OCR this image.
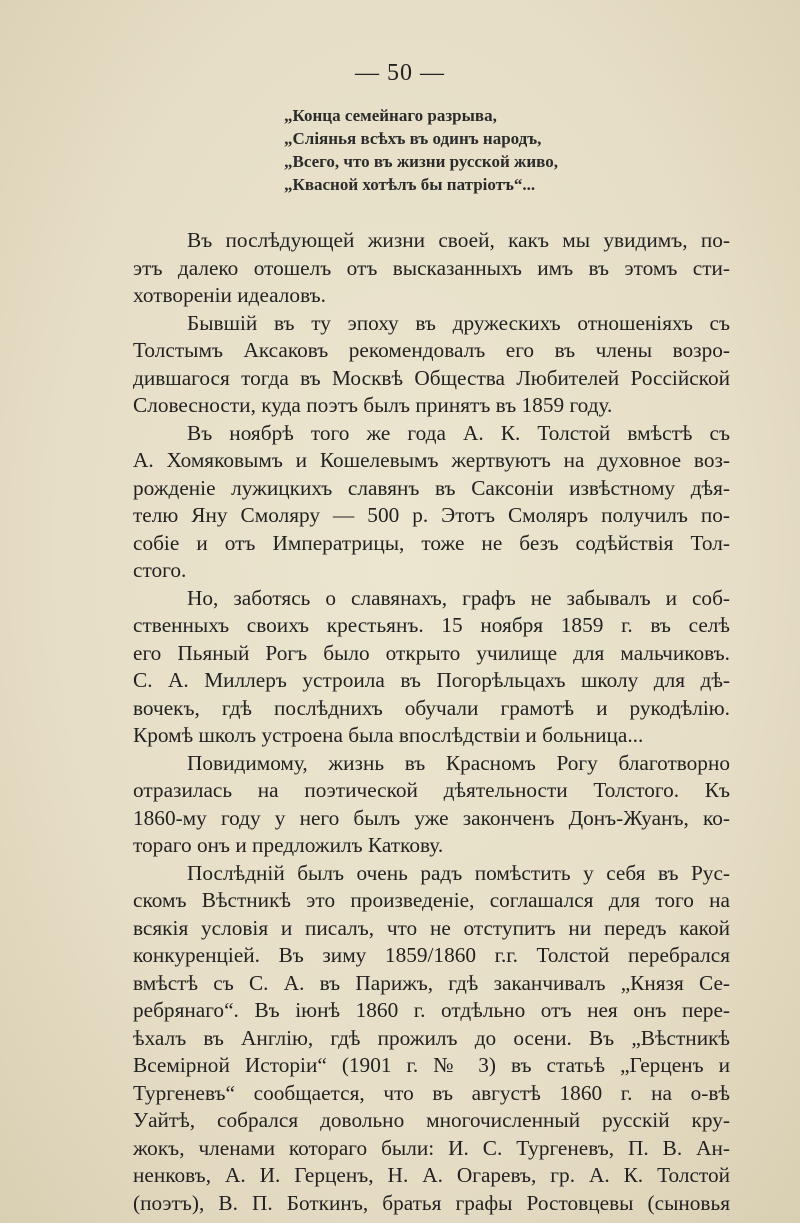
— 50 —
„Конца семейнаго разрыва,
„Слiянья всѣхъ въ одинъ народъ,
„Всего, что въ жизни русской живо,
„Квасной хотѣлъ бы патрiотъ“...
Въ послѣдующей жизни своей, какъ мы увидимъ, по-
этъ далеко отошелъ отъ высказанныхъ имъ въ этомъ сти-
хотворенiи идеаловъ.
Бывшiй въ ту эпоху въ дружескихъ отношенiяхъ съ
Толстымъ Аксаковъ рекомендовалъ его въ члены возро-
дившагося тогда въ Москвѣ Общества Любителей Россiйской
Словесности, куда поэтъ былъ принятъ въ 1859 году.
Въ ноябрѣ того же года А. К. Толстой вмѣстѣ съ
А. Хомяковымъ и Кошелевымъ жертвуютъ на духовное воз-
рожденiе лужицкихъ славянъ въ Саксонiи извѣстному дѣя-
телю Яну Смоляру — 500 р. Этотъ Смоляръ получилъ по-
собiе и отъ Императрицы, тоже не безъ содѣйствiя Тол-
стого.
Но, заботясь о славянахъ, графъ не забывалъ и соб-
ственныхъ своихъ крестьянъ. 15 ноября 1859 г. въ селѣ
его Пьяный Рогъ было открыто училище для мальчиковъ.
С. А. Миллеръ устроила въ Погорѣльцахъ школу для дѣ-
вочекъ, гдѣ послѣднихъ обучали грамотѣ и рукодѣлiю.
Кромѣ школъ устроена была впослѣдствiи и больница...
Повидимому, жизнь въ Красномъ Рогу благотворно
отразилась на поэтической дѣятельности Толстого. Къ
1860-му году у него былъ уже законченъ Донъ-Жуанъ, ко-
тораго онъ и предложилъ Каткову.
Послѣднiй былъ очень радъ помѣстить у себя въ Рус-
скомъ Вѣстникѣ это произведенiе, соглашался для того на
всякiя условiя и писалъ, что не отступитъ ни передъ какой
конкуренцiей. Въ зиму 1859/1860 г.г. Толстой перебрался
вмѣстѣ съ С. А. въ Парижъ, гдѣ заканчивалъ „Князя Се-
ребрянаго“. Въ iюнѣ 1860 г. отдѣльно отъ нея онъ пере-
ѣхалъ въ Англiю, гдѣ прожилъ до осени. Въ „Вѣстникѣ
Всемiрной Исторiи“ (1901 г. № 3) въ статьѣ „Герценъ и
Тургеневъ“ сообщается, что въ августѣ 1860 г. на о-вѣ
Уайтѣ, собрался довольно многочисленный русскiй кру-
жокъ, членами котораго были: И. С. Тургеневъ, П. В. Ан-
ненковъ, А. И. Герценъ, Н. А. Огаревъ, гр. А. К. Толстой
(поэтъ), В. П. Боткинъ, братья графы Ростовцевы (сыновья
